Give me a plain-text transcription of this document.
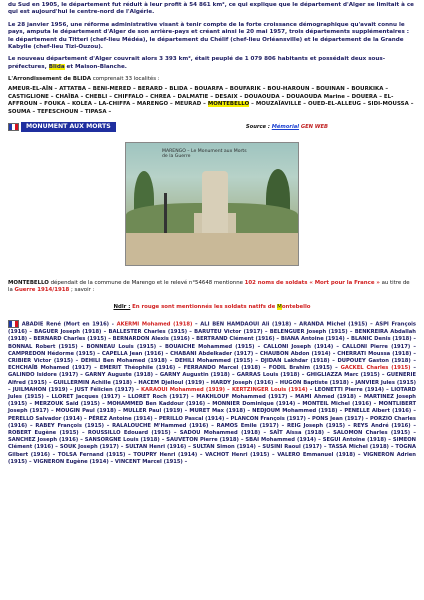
du Sud en 1905, le département fut réduit à leur profit à 54 861 km², ce qui explique que le département d'Alger se limitait à ce qui est aujourd'hui le centre-nord de l'Algérie.

Le 28 janvier 1956, une réforme administrative visant à tenir compte de la forte croissance démographique qu'avait connu le pays, amputa le département d'Alger de son arrière-pays et créant ainsi le 20 mai 1957, trois départements supplémentaires : le département du Titteri (chef-lieu Médéa), le département du Chélif (chef-lieu Orléansville) et le département de la Grande Kabylie (chef-lieu Tizi-Ouzou).

Le nouveau département d'Alger couvrait alors 3 393 km², était peuplé de 1 079 806 habitants et possédait deux sous-préfectures, Blida et Maison-Blanche.

L'Arrondissement de BLIDA comprenait 33 localités :

AMEUR-EL-AÏN – ATTATBA – BENI-MERED – BERARD – BLIDA – BOUARFA – BOUFARIK – BOU-HAROUN – BOUINAN – BOURKIKA – CASTIGLIONE – CHAÏBA – CHEBLI – CHIFFALO – CHREA – DALMATIE – DESAIX – DOUAOUDA – DOUAOUDA Marine – DOUERA – EL-AFFROUN – FOUKA – KOLEA – LA-CHIFFA – MARENGO – MEURAD – MONTEBELLO – MOUZAÏAVILLE – OUED-EL-ALLEUG – SIDI-MOUSSA – SOUMA – TEFESCHOUN – TIPASA –

MONUMENT AUX MORTS	Source : Mémorial GEN WEB
MARENGO – Le Monument aux Morts
de la Guerre

MONTEBELLO dépendait de la commune de Marengo et le relevé n°54648 mentionne 102 noms de soldats « Mort pour la France » au titre de la Guerre 1914/1918 ; savoir :

Ndlr : En rouge sont mentionnés les soldats natifs de Montebello

ABADIE René (Mort en 1916) - AKERMI Mohamed (1918) – ALI BEN HAMDAOUI Ali (1918) – ARANDA Michel (1915) – ASPI François (1916) – BAGUER Joseph (1918) – BALLESTER Charles (1915) – BARUTEU Victor (1917) – BELENGUER Joseph (1915) – BENKREIRA Abdallah (1918) – BERNARD Charles (1915) – BERNARDON Alexis (1916) – BERTRAND Clément (1916) – BIANA Antoine (1914) – BLANIC Denis (1918) – BONNAL Robert (1915) – BONNEAU Louis (1915) – BOUAICHE Mohammed (1915) – CALLONI Joseph (1914) – CALLONI Pierre (1917) – CAMPREDON Hédorme (1915) – CAPELLA Jean (1916) – CHABANI Abdelkader (1917) – CHAUBON Abdon (1914) – CHERRATI Moussa (1918) – CRIBIER Victor (1915) – DEHILI Ben Mohamed (1918) – DEHILI Mohammed (1915) – DJIDAN Lakhdar (1918) – DUPOUEY Gaston (1918) – ECHCHAÏB Mohamed (1917) – EMERIT Théophile (1916) – FERRANDO Marcel (1918) – FODIL Brahim (1915) – GACKEL Charles (1915) – GALINDO Isidore (1917) – GARNY Auguste (1918) – GARNY Augustin (1918) – GARRAS Louis (1918) – GHIGLIAZZA Marc (1915) – GUENERIE Alfred (1915) – GUILLERMIN Achille (1918) – HACEM Djelloul (1919) – HARDY Joseph (1916) – HUGON Baptiste (1918) – JANVIER Jules (1915) – JUILMAHON (1919) – JUST Félicien (1917) – KARAOUI Mohammed (1919) – KERTZINGER Louis (1914) – LEONETTI Pierre (1914) – LIOTARD Jules (1915) – LLORET Jacques (1917) – LLORET Roch (1917) – MAKHLOUF Mohammed (1917) – MAMI Ahmed (1918) – MARTINEZ Joseph (1915) – MERZOUK Saïd (1915) – MOHAMMED Ben Kaddour (1916) – MONNIER Dominique (1914) – MONTEIL Michel (1916) – MONTLIBERT Joseph (1917) – MOUGIN Paul (1918) – MULLER Paul (1919) – MURET Max (1918) – NEDJOUM Mohammed (1918) – PENELLE Albert (1916) – PERELLO Salvador (1914) – PÉREZ Antoine (1914) – PERILLO Pascal (1914) – PLANCON François (1917) – PONS Jean (1917) – PORZIO Charles (1916) – RABEY François (1915) – RALALOUCHE M'Hammed (1916) – RAMOS Emile (1917) – REIG Joseph (1915) – REYS André (1916) – ROBERT Eugène (1915) – ROUSSILLO Edouard (1915) – SADOU Mohammed (1918) – SAÏT Aïssa (1918) – SALOMON Charles (1915) – SANCHEZ Joseph (1916) – SANSORGNE Louis (1918) – SAUVETON Pierre (1918) – SBAI Mohammed (1914) – SEGUI Antoine (1918) – SIMEON Clément (1916) – SOUK Joseph (1917) – SULTAN Henri (1916) – SULTAN Simon (1914) – SUSINI Raoul (1917) – TASSA Michel (1918) – TOGNA Gilbert (1916) – TOLSA Fernand (1915) – TOUPRY Henri (1914) – VACHOT Henri (1915) – VALERO Emmanuel (1918) – VIGNERON Adrien (1915) – VIGNERON Eugène (1914) – VINCENT Marcel (1915) –
